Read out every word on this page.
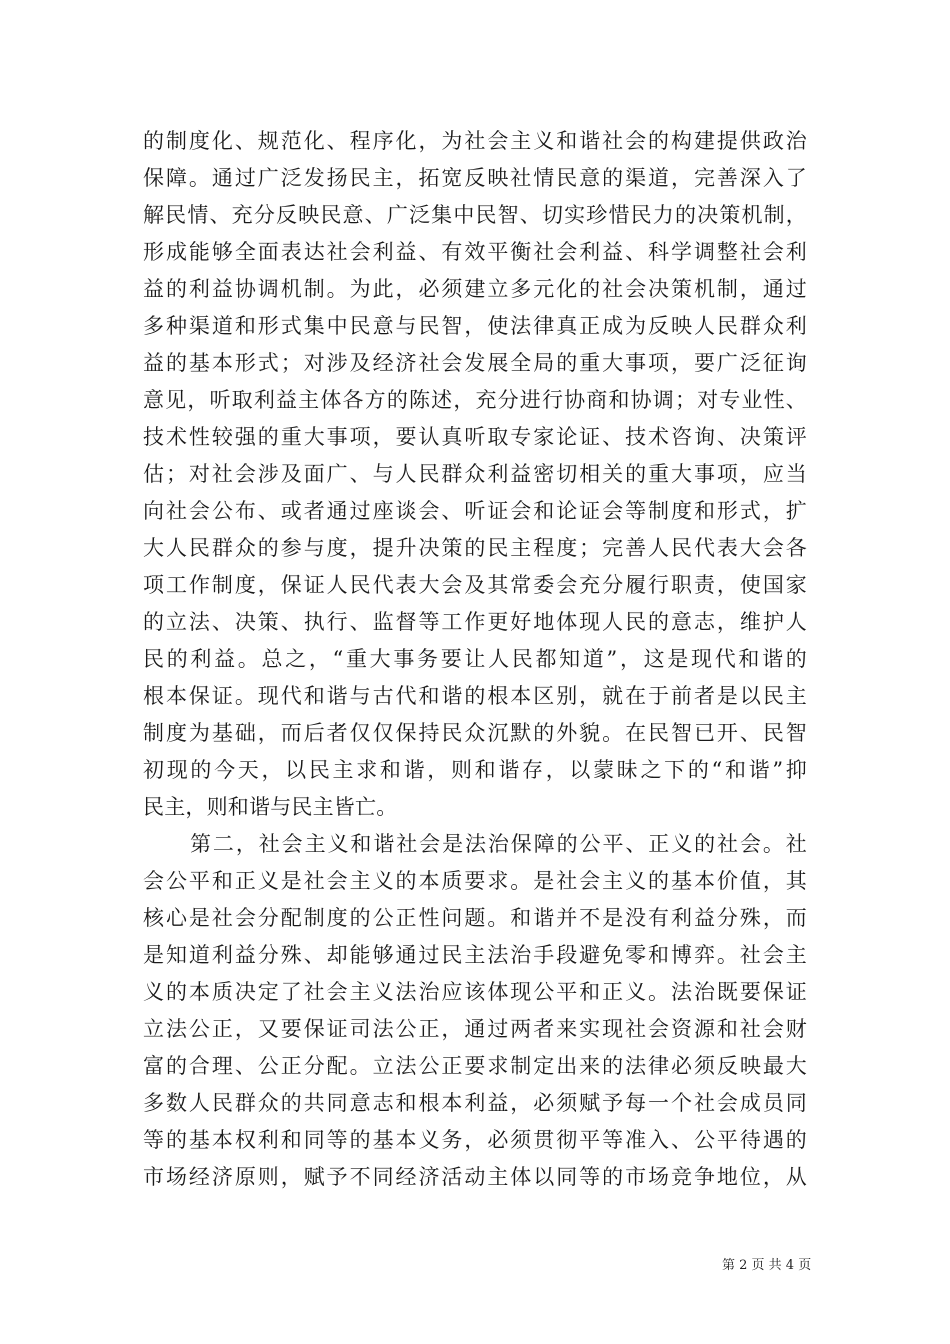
的制度化、规范化、程序化，为社会主义和谐社会的构建提供政治
保障。通过广泛发扬民主，拓宽反映社情民意的渠道，完善深入了
解民情、充分反映民意、广泛集中民智、切实珍惜民力的决策机制，
形成能够全面表达社会利益、有效平衡社会利益、科学调整社会利
益的利益协调机制。为此，必须建立多元化的社会决策机制，通过
多种渠道和形式集中民意与民智，使法律真正成为反映人民群众利
益的基本形式；对涉及经济社会发展全局的重大事项，要广泛征询
意见，听取利益主体各方的陈述，充分进行协商和协调；对专业性、
技术性较强的重大事项，要认真听取专家论证、技术咨询、决策评
估；对社会涉及面广、与人民群众利益密切相关的重大事项，应当
向社会公布、或者通过座谈会、听证会和论证会等制度和形式，扩
大人民群众的参与度，提升决策的民主程度；完善人民代表大会各
项工作制度，保证人民代表大会及其常委会充分履行职责，使国家
的立法、决策、执行、监督等工作更好地体现人民的意志，维护人
民的利益。总之，“重大事务要让人民都知道”，这是现代和谐的
根本保证。现代和谐与古代和谐的根本区别，就在于前者是以民主
制度为基础，而后者仅仅保持民众沉默的外貌。在民智已开、民智
初现的今天，以民主求和谐，则和谐存，以蒙昧之下的“和谐”抑
民主，则和谐与民主皆亡。
第二，社会主义和谐社会是法治保障的公平、正义的社会。社
会公平和正义是社会主义的本质要求。是社会主义的基本价值，其
核心是社会分配制度的公正性问题。和谐并不是没有利益分殊，而
是知道利益分殊、却能够通过民主法治手段避免零和博弈。社会主
义的本质决定了社会主义法治应该体现公平和正义。法治既要保证
立法公正，又要保证司法公正，通过两者来实现社会资源和社会财
富的合理、公正分配。立法公正要求制定出来的法律必须反映最大
多数人民群众的共同意志和根本利益，必须赋予每一个社会成员同
等的基本权利和同等的基本义务，必须贯彻平等准入、公平待遇的
市场经济原则，赋予不同经济活动主体以同等的市场竞争地位，从
第 2 页 共 4 页
